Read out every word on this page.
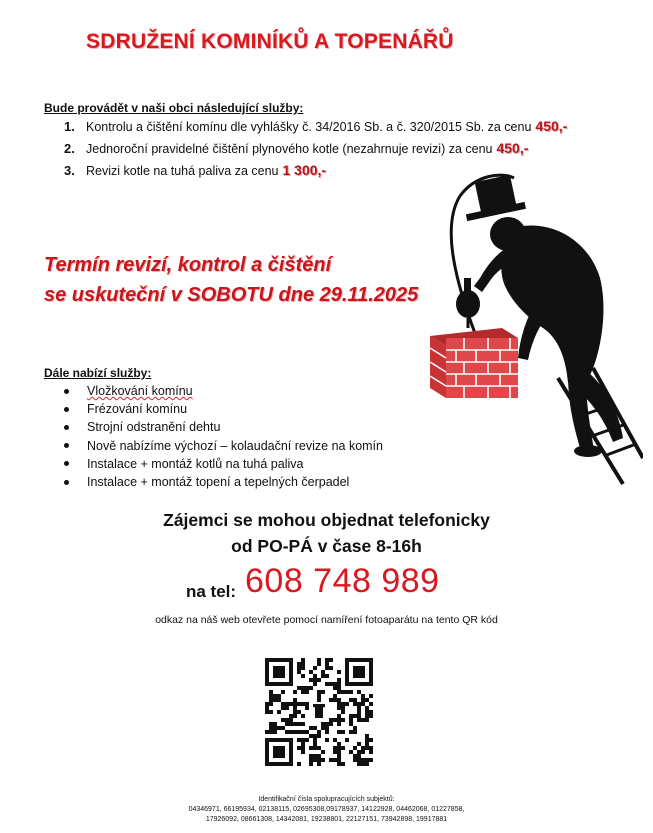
SDRUŽENÍ KOMINÍKŮ A TOPENÁŘŮ
Bude provádět v naši obci následující služby:
1. Kontrolu a čištění komínu dle vyhlášky č. 34/2016 Sb. a č. 320/2015 Sb. za cenu 450,-
2. Jednoroční pravidelné čištění plynového kotle (nezahrnuje revizi) za cenu 450,-
3. Revizi kotle na tuhá paliva za cenu 1 300,-
Termín revizí, kontrol a čištění
se uskuteční v SOBOTU dne 29.11.2025
Dále nabízí služby:
Vložkování komínu
Frézování komínu
Strojní odstranění dehtu
Nově nabízíme výchozí – kolaudační revize na komín
Instalace + montáž kotlů na tuhá paliva
Instalace + montáž topení a tepelných čerpadel
Zájemci se mohou objednat telefonicky
od PO-PÁ v čase 8-16h
na tel: 608 748 989
odkaz na náš web otevřete pomocí namíření fotoaparátu na tento QR kód
Identifikační čísla spolupracujících subjektů:
04346971, 66195934, 02138115, 02695308,09178937, 14122928, 04462068, 01227858,
17926092, 08661308, 14342081, 19238801, 22127151, 73942898, 19917881
